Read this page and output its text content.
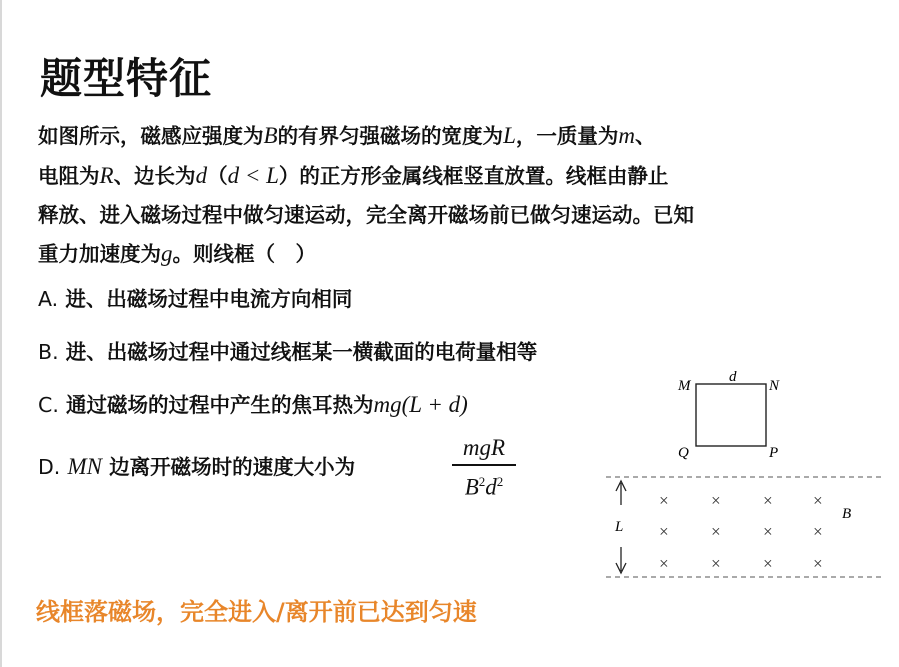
题型特征
如图所示，磁感应强度为B的有界匀强磁场的宽度为L，一质量为m、
电阻为R、边长为d（d < L）的正方形金属线框竖直放置。线框由静止
释放、进入磁场过程中做匀速运动，完全离开磁场前已做匀速运动。已知
重力加速度为g。则线框（　）
A. 进、出磁场过程中电流方向相同
B. 进、出磁场过程中通过线框某一横截面的电荷量相等
C. 通过磁场的过程中产生的焦耳热为mg(L + d)
D. MN 边离开磁场时的速度大小为
mgR
$B^2d^2$
M	N
Q	P
d
L
× × × ×
× × × ×
× × × ×
B
线框落磁场，完全进入/离开前已达到匀速
